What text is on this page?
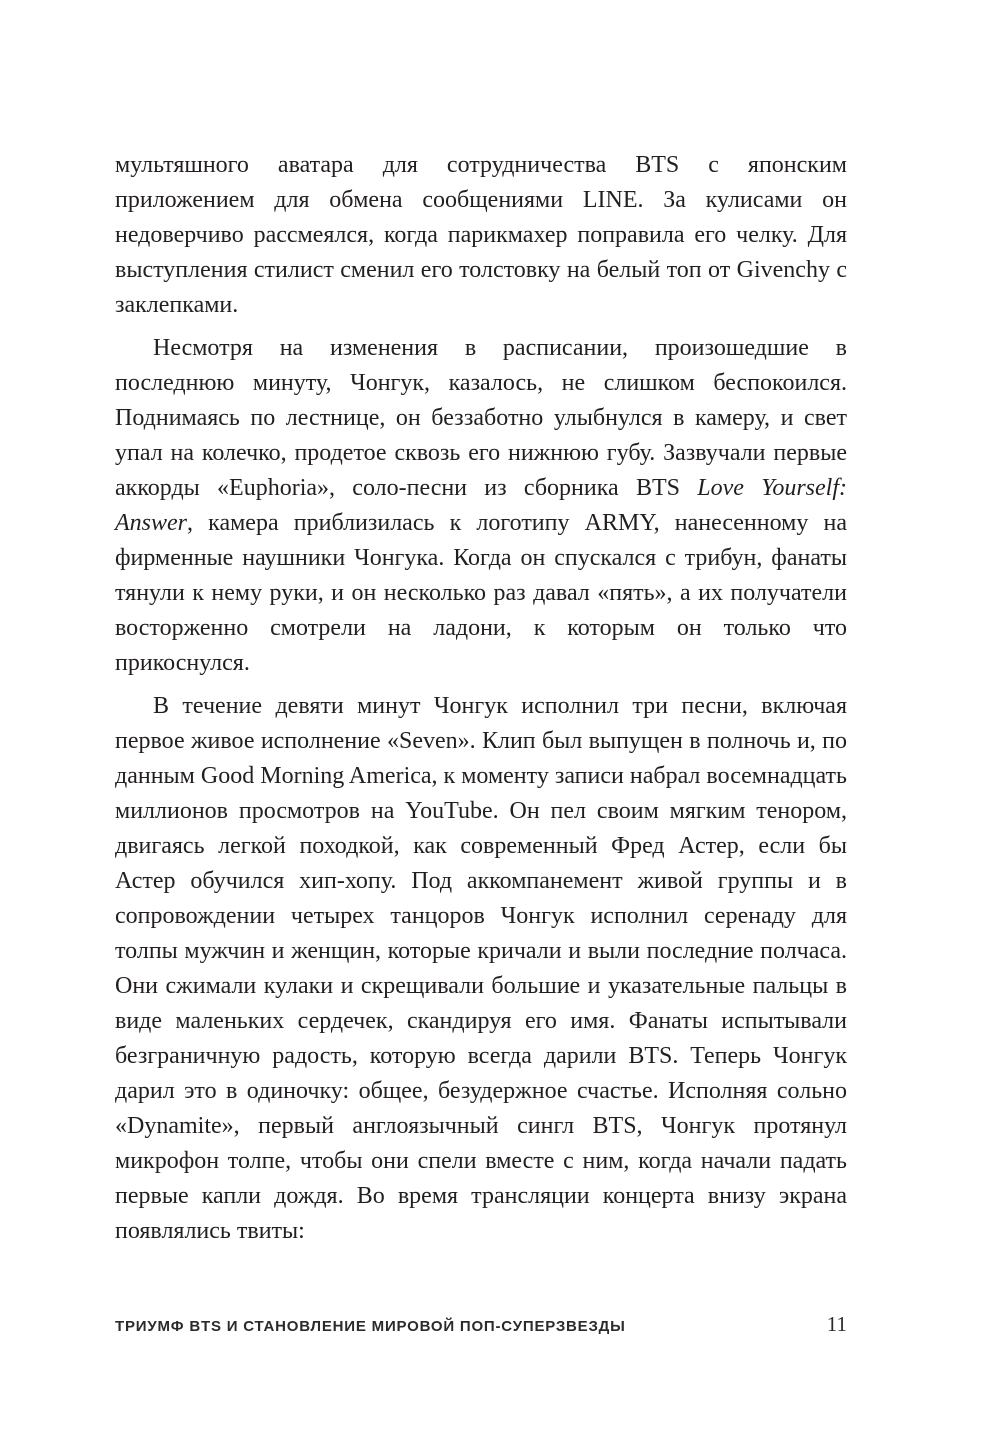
мультяшного аватара для сотрудничества BTS с японским приложением для обмена сообщениями LINE. За кулисами он недоверчиво рассмеялся, когда парикмахер поправила его челку. Для выступления стилист сменил его толстовку на белый топ от Givenchy с заклепками.

Несмотря на изменения в расписании, произошедшие в последнюю минуту, Чонгук, казалось, не слишком беспокоился. Поднимаясь по лестнице, он беззаботно улыбнулся в камеру, и свет упал на колечко, продетое сквозь его нижнюю губу. Зазвучали первые аккорды «Euphoria», соло-песни из сборника BTS Love Yourself: Answer, камера приблизилась к логотипу ARMY, нанесенному на фирменные наушники Чонгука. Когда он спускался с трибун, фанаты тянули к нему руки, и он несколько раз давал «пять», а их получатели восторженно смотрели на ладони, к которым он только что прикоснулся.

В течение девяти минут Чонгук исполнил три песни, включая первое живое исполнение «Seven». Клип был выпущен в полночь и, по данным Good Morning America, к моменту записи набрал восемнадцать миллионов просмотров на YouTube. Он пел своим мягким тенором, двигаясь легкой походкой, как современный Фред Астер, если бы Астер обучился хип-хопу. Под аккомпанемент живой группы и в сопровождении четырех танцоров Чонгук исполнил серенаду для толпы мужчин и женщин, которые кричали и выли последние полчаса. Они сжимали кулаки и скрещивали большие и указательные пальцы в виде маленьких сердечек, скандируя его имя. Фанаты испытывали безграничную радость, которую всегда дарили BTS. Теперь Чонгук дарил это в одиночку: общее, безудержное счастье. Исполняя сольно «Dynamite», первый англоязычный сингл BTS, Чонгук протянул микрофон толпе, чтобы они спели вместе с ним, когда начали падать первые капли дождя. Во время трансляции концерта внизу экрана появлялись твиты:

ТРИУМФ BTS И СТАНОВЛЕНИЕ МИРОВОЙ ПОП-СУПЕРЗВЕЗДЫ	11
